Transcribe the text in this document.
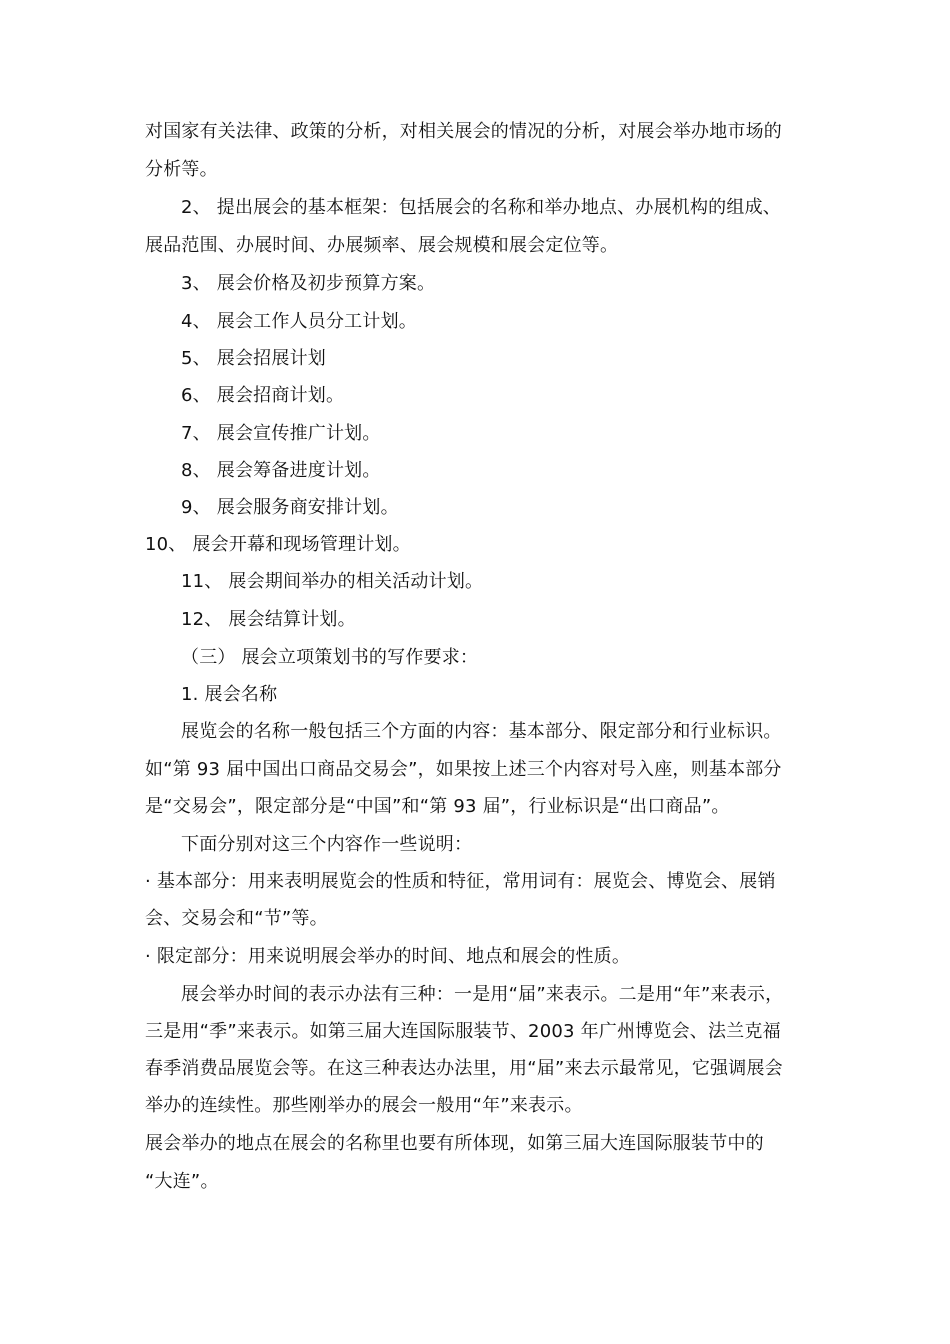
对国家有关法律、政策的分析，对相关展会的情况的分析，对展会举办地市场的
分析等。
2、 提出展会的基本框架：包括展会的名称和举办地点、办展机构的组成、
展品范围、办展时间、办展频率、展会规模和展会定位等。
3、 展会价格及初步预算方案。
4、 展会工作人员分工计划。
5、 展会招展计划
6、 展会招商计划。
7、 展会宣传推广计划。
8、 展会筹备进度计划。
9、 展会服务商安排计划。
10、 展会开幕和现场管理计划。
11、 展会期间举办的相关活动计划。
12、 展会结算计划。
（三） 展会立项策划书的写作要求：
1. 展会名称
展览会的名称一般包括三个方面的内容：基本部分、限定部分和行业标识。
如“第 93 届中国出口商品交易会”，如果按上述三个内容对号入座，则基本部分
是“交易会”，限定部分是“中国”和“第 93 届”，行业标识是“出口商品”。
下面分别对这三个内容作一些说明：
· 基本部分：用来表明展览会的性质和特征，常用词有：展览会、博览会、展销
会、交易会和“节”等。
· 限定部分：用来说明展会举办的时间、地点和展会的性质。
展会举办时间的表示办法有三种：一是用“届”来表示。二是用“年”来表示，
三是用“季”来表示。如第三届大连国际服装节、2003 年广州博览会、法兰克福
春季消费品展览会等。在这三种表达办法里，用“届”来去示最常见，它强调展会
举办的连续性。那些刚举办的展会一般用“年”来表示。
展会举办的地点在展会的名称里也要有所体现，如第三届大连国际服装节中的
“大连”。
